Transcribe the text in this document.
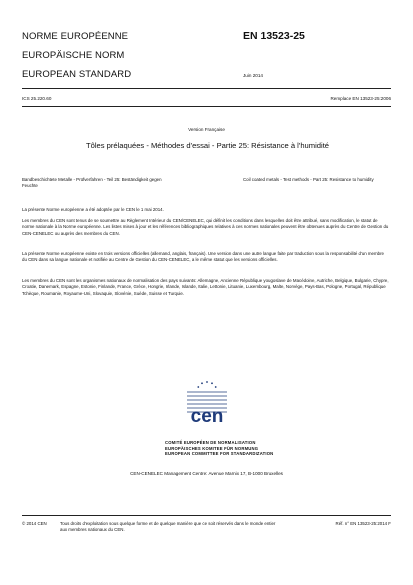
NORME EUROPÉENNE
EUROPÄISCHE NORM
EUROPEAN STANDARD
EN 13523-25
Juin 2014
ICS 25.220.60	Remplace EN 13523-25:2006
Version Française
Tôles prélaquées - Méthodes d'essai - Partie 25: Résistance à l'humidité
Bandbeschichtete Metalle - Prüfverfahren - Teil 25: Beständigkeit gegen Feuchte
Coil coated metals - Test methods - Part 25: Resistance to humidity
La présente Norme européenne a été adoptée par le CEN le 1 mai 2014.
Les membres du CEN sont tenus de se soumettre au Règlement Intérieur du CEN/CENELEC, qui définit les conditions dans lesquelles doit être attribué, sans modification, le statut de norme nationale à la Norme européenne. Les listes mises à jour et les références bibliographiques relatives à ces normes nationales peuvent être obtenues auprès du Centre de Gestion du CEN-CENELEC ou auprès des membres du CEN.
La présente Norme européenne existe en trois versions officielles (allemand, anglais, français). Une version dans une autre langue faite par traduction sous la responsabilité d'un membre du CEN dans sa langue nationale et notifiée au Centre de Gestion du CEN-CENELEC, a le même statut que les versions officielles.
Les membres du CEN sont les organismes nationaux de normalisation des pays suivants: Allemagne, Ancienne République yougoslave de Macédoine, Autriche, Belgique, Bulgarie, Chypre, Croatie, Danemark, Espagne, Estonie, Finlande, France, Grèce, Hongrie, Irlande, Islande, Italie, Lettonie, Lituanie, Luxembourg, Malte, Norvège, Pays-Bas, Pologne, Portugal, République Tchèque, Roumanie, Royaume-Uni, Slovaquie, Slovénie, Suède, Suisse et Turquie.
cen
COMITÉ EUROPÉEN DE NORMALISATION
EUROPÄISCHES KOMITEE FÜR NORMUNG
EUROPEAN COMMITTEE FOR STANDARDIZATION
CEN-CENELEC Management Centre: Avenue Marnix 17, B-1000 Bruxelles
© 2014 CEN	Tous droits d'exploitation sous quelque forme et de quelque manière que ce soit réservés dans le monde entier aux membres nationaux du CEN.
Réf. n° EN 13523-25:2014 F
